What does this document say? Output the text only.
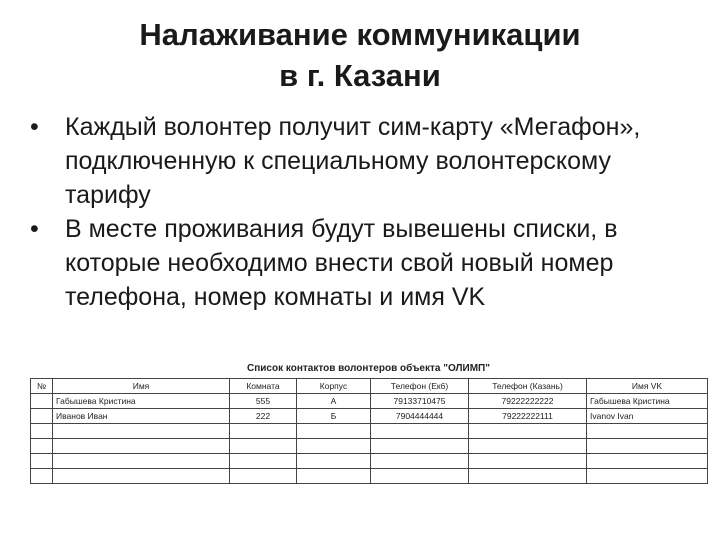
Налаживание коммуникации
в г. Казани
• Каждый волонтер получит сим-карту «Мегафон», подключенную к специальному волонтерскому тарифу
• В месте проживания будут вывешены списки, в которые необходимо внести свой новый номер телефона, номер комнаты и имя VK
Список контактов волонтеров объекта "ОЛИМП"
№	Имя	Комната	Корпус	Телефон (Ек6)	Телефон (Казань)	Имя VK
	Габышева Кристина	555	А	79133710475	79222222222	Габышева Кристина
	Иванов Иван	222	Б	7904444444	79222222111	Ivanov Ivan
